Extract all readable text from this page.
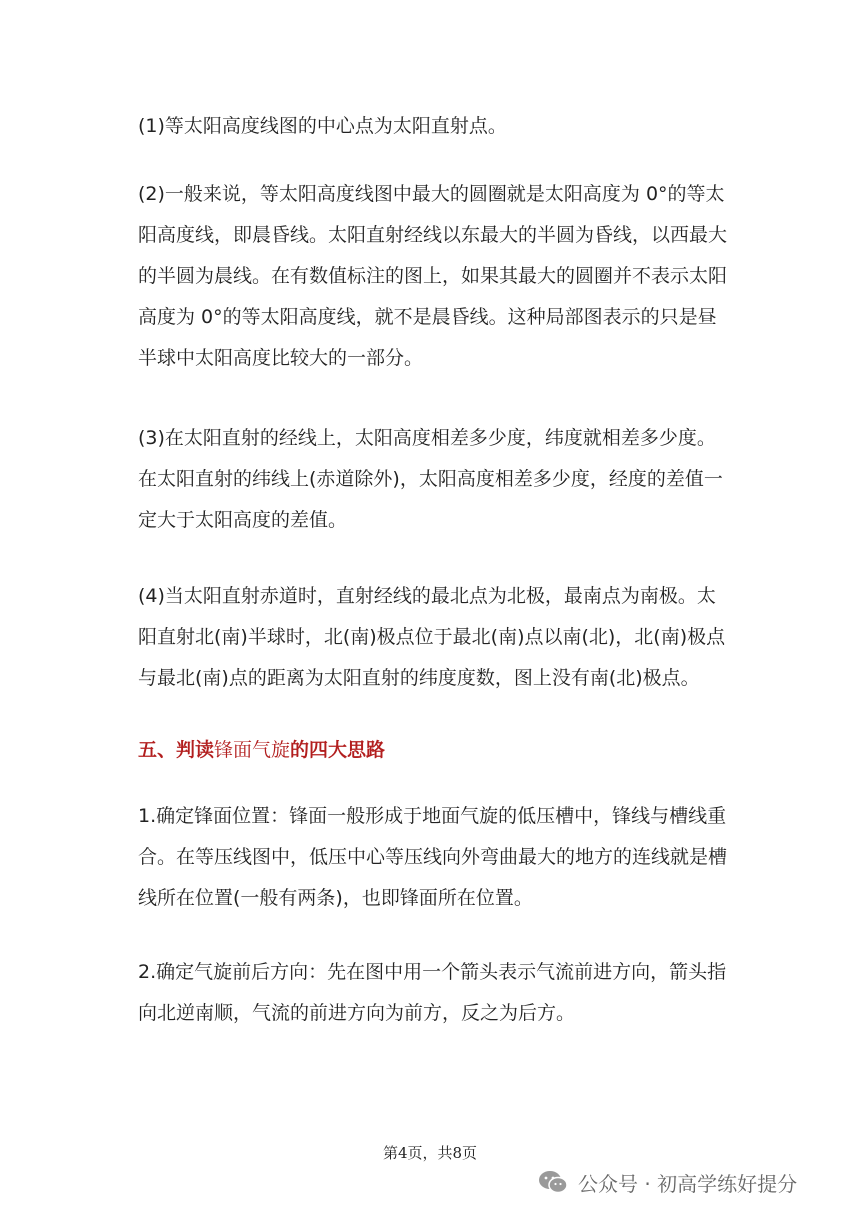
(1)等太阳高度线图的中心点为太阳直射点。

(2)一般来说，等太阳高度线图中最大的圆圈就是太阳高度为 0°的等太阳高度线，即晨昏线。太阳直射经线以东最大的半圆为昏线，以西最大的半圆为晨线。在有数值标注的图上，如果其最大的圆圈并不表示太阳高度为 0°的等太阳高度线，就不是晨昏线。这种局部图表示的只是昼半球中太阳高度比较大的一部分。

(3)在太阳直射的经线上，太阳高度相差多少度，纬度就相差多少度。在太阳直射的纬线上(赤道除外)，太阳高度相差多少度，经度的差值一定大于太阳高度的差值。

(4)当太阳直射赤道时，直射经线的最北点为北极，最南点为南极。太阳直射北(南)半球时，北(南)极点位于最北(南)点以南(北)，北(南)极点与最北(南)点的距离为太阳直射的纬度度数，图上没有南(北)极点。

五、判读锋面气旋的四大思路

1.确定锋面位置：锋面一般形成于地面气旋的低压槽中，锋线与槽线重合。在等压线图中，低压中心等压线向外弯曲最大的地方的连线就是槽线所在位置(一般有两条)，也即锋面所在位置。

2.确定气旋前后方向：先在图中用一个箭头表示气流前进方向，箭头指向北逆南顺，气流的前进方向为前方，反之为后方。

第4页，共8页
公众号 · 初高学练好提分
